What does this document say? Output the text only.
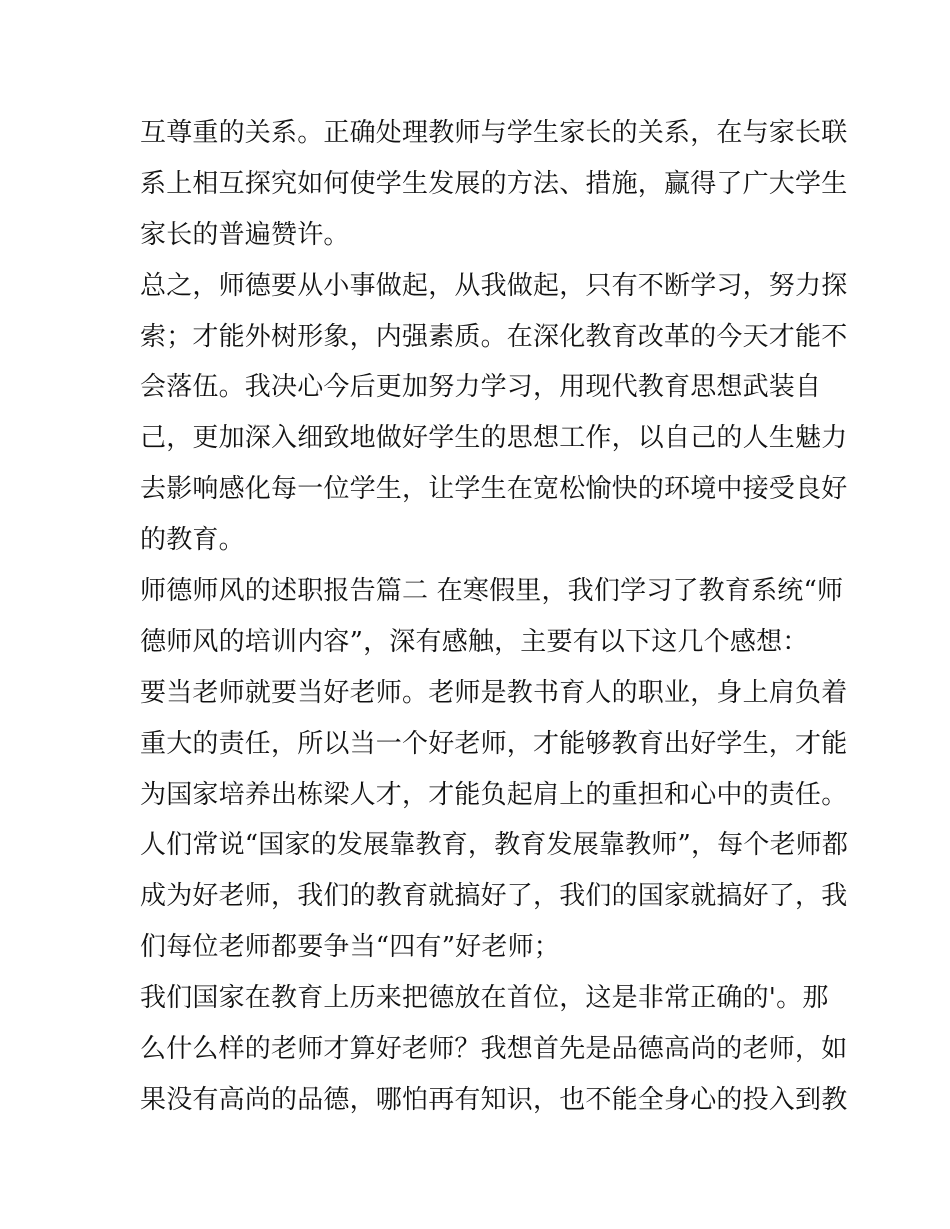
互尊重的关系。正确处理教师与学生家长的关系，在与家长联
系上相互探究如何使学生发展的方法、措施，赢得了广大学生
家长的普遍赞许。
总之，师德要从小事做起，从我做起，只有不断学习，努力探
索；才能外树形象，内强素质。在深化教育改革的今天才能不
会落伍。我决心今后更加努力学习，用现代教育思想武装自
己，更加深入细致地做好学生的思想工作，以自己的人生魅力
去影响感化每一位学生，让学生在宽松愉快的环境中接受良好
的教育。
师德师风的述职报告篇二 在寒假里，我们学习了教育系统“师
德师风的培训内容”，深有感触，主要有以下这几个感想：
要当老师就要当好老师。老师是教书育人的职业，身上肩负着
重大的责任，所以当一个好老师，才能够教育出好学生，才能
为国家培养出栋梁人才，才能负起肩上的重担和心中的责任。
人们常说“国家的发展靠教育，教育发展靠教师”，每个老师都
成为好老师，我们的教育就搞好了，我们的国家就搞好了，我
们每位老师都要争当“四有”好老师；
我们国家在教育上历来把德放在首位，这是非常正确的'。那
么什么样的老师才算好老师？我想首先是品德高尚的老师，如
果没有高尚的品德，哪怕再有知识，也不能全身心的投入到教
